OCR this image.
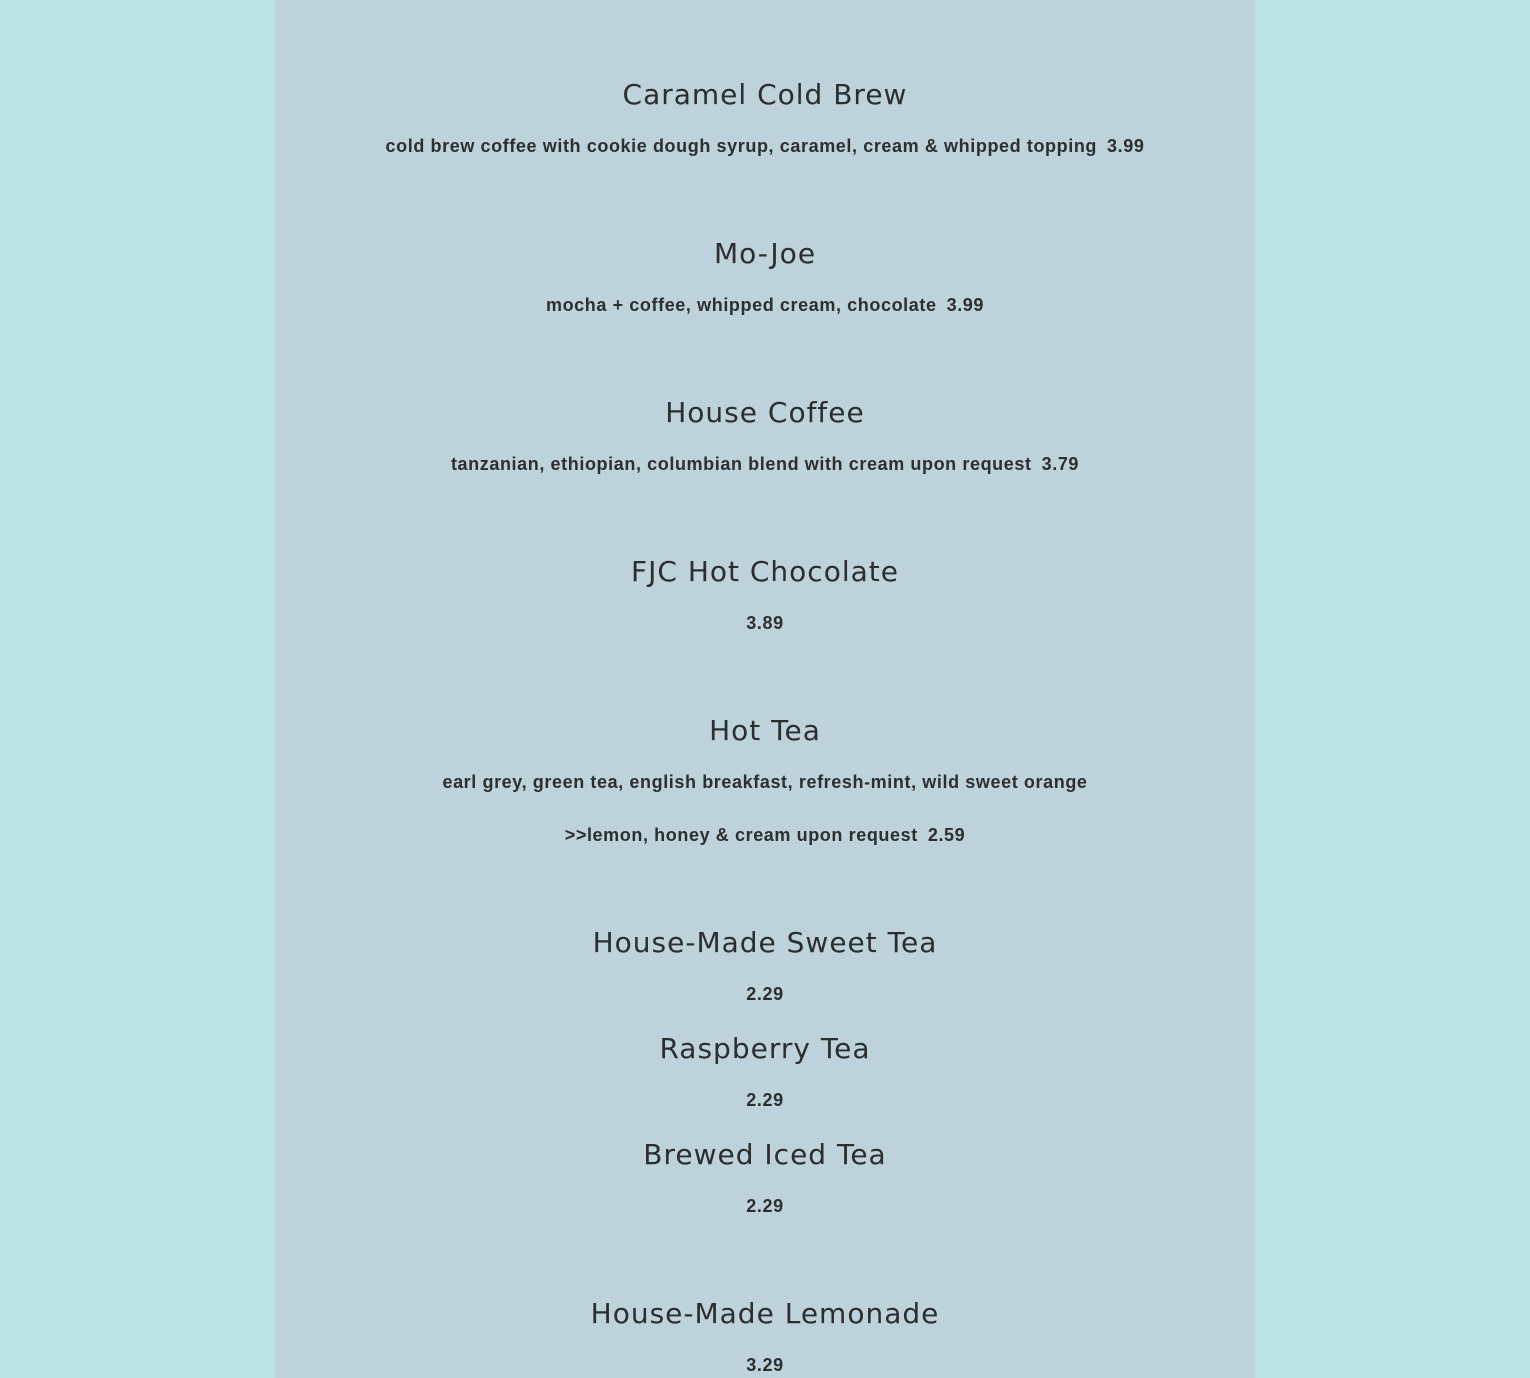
Caramel Cold Brew

cold brew coffee with cookie dough syrup, caramel, cream & whipped topping 3.99

Mo-Joe

mocha + coffee, whipped cream, chocolate 3.99

House Coffee

tanzanian, ethiopian, columbian blend with cream upon request 3.79

FJC Hot Chocolate

3.89

Hot Tea

earl grey, green tea, english breakfast, refresh-mint, wild sweet orange

>>lemon, honey & cream upon request 2.59

House-Made Sweet Tea

2.29

Raspberry Tea

2.29

Brewed Iced Tea

2.29

House-Made Lemonade

3.29
